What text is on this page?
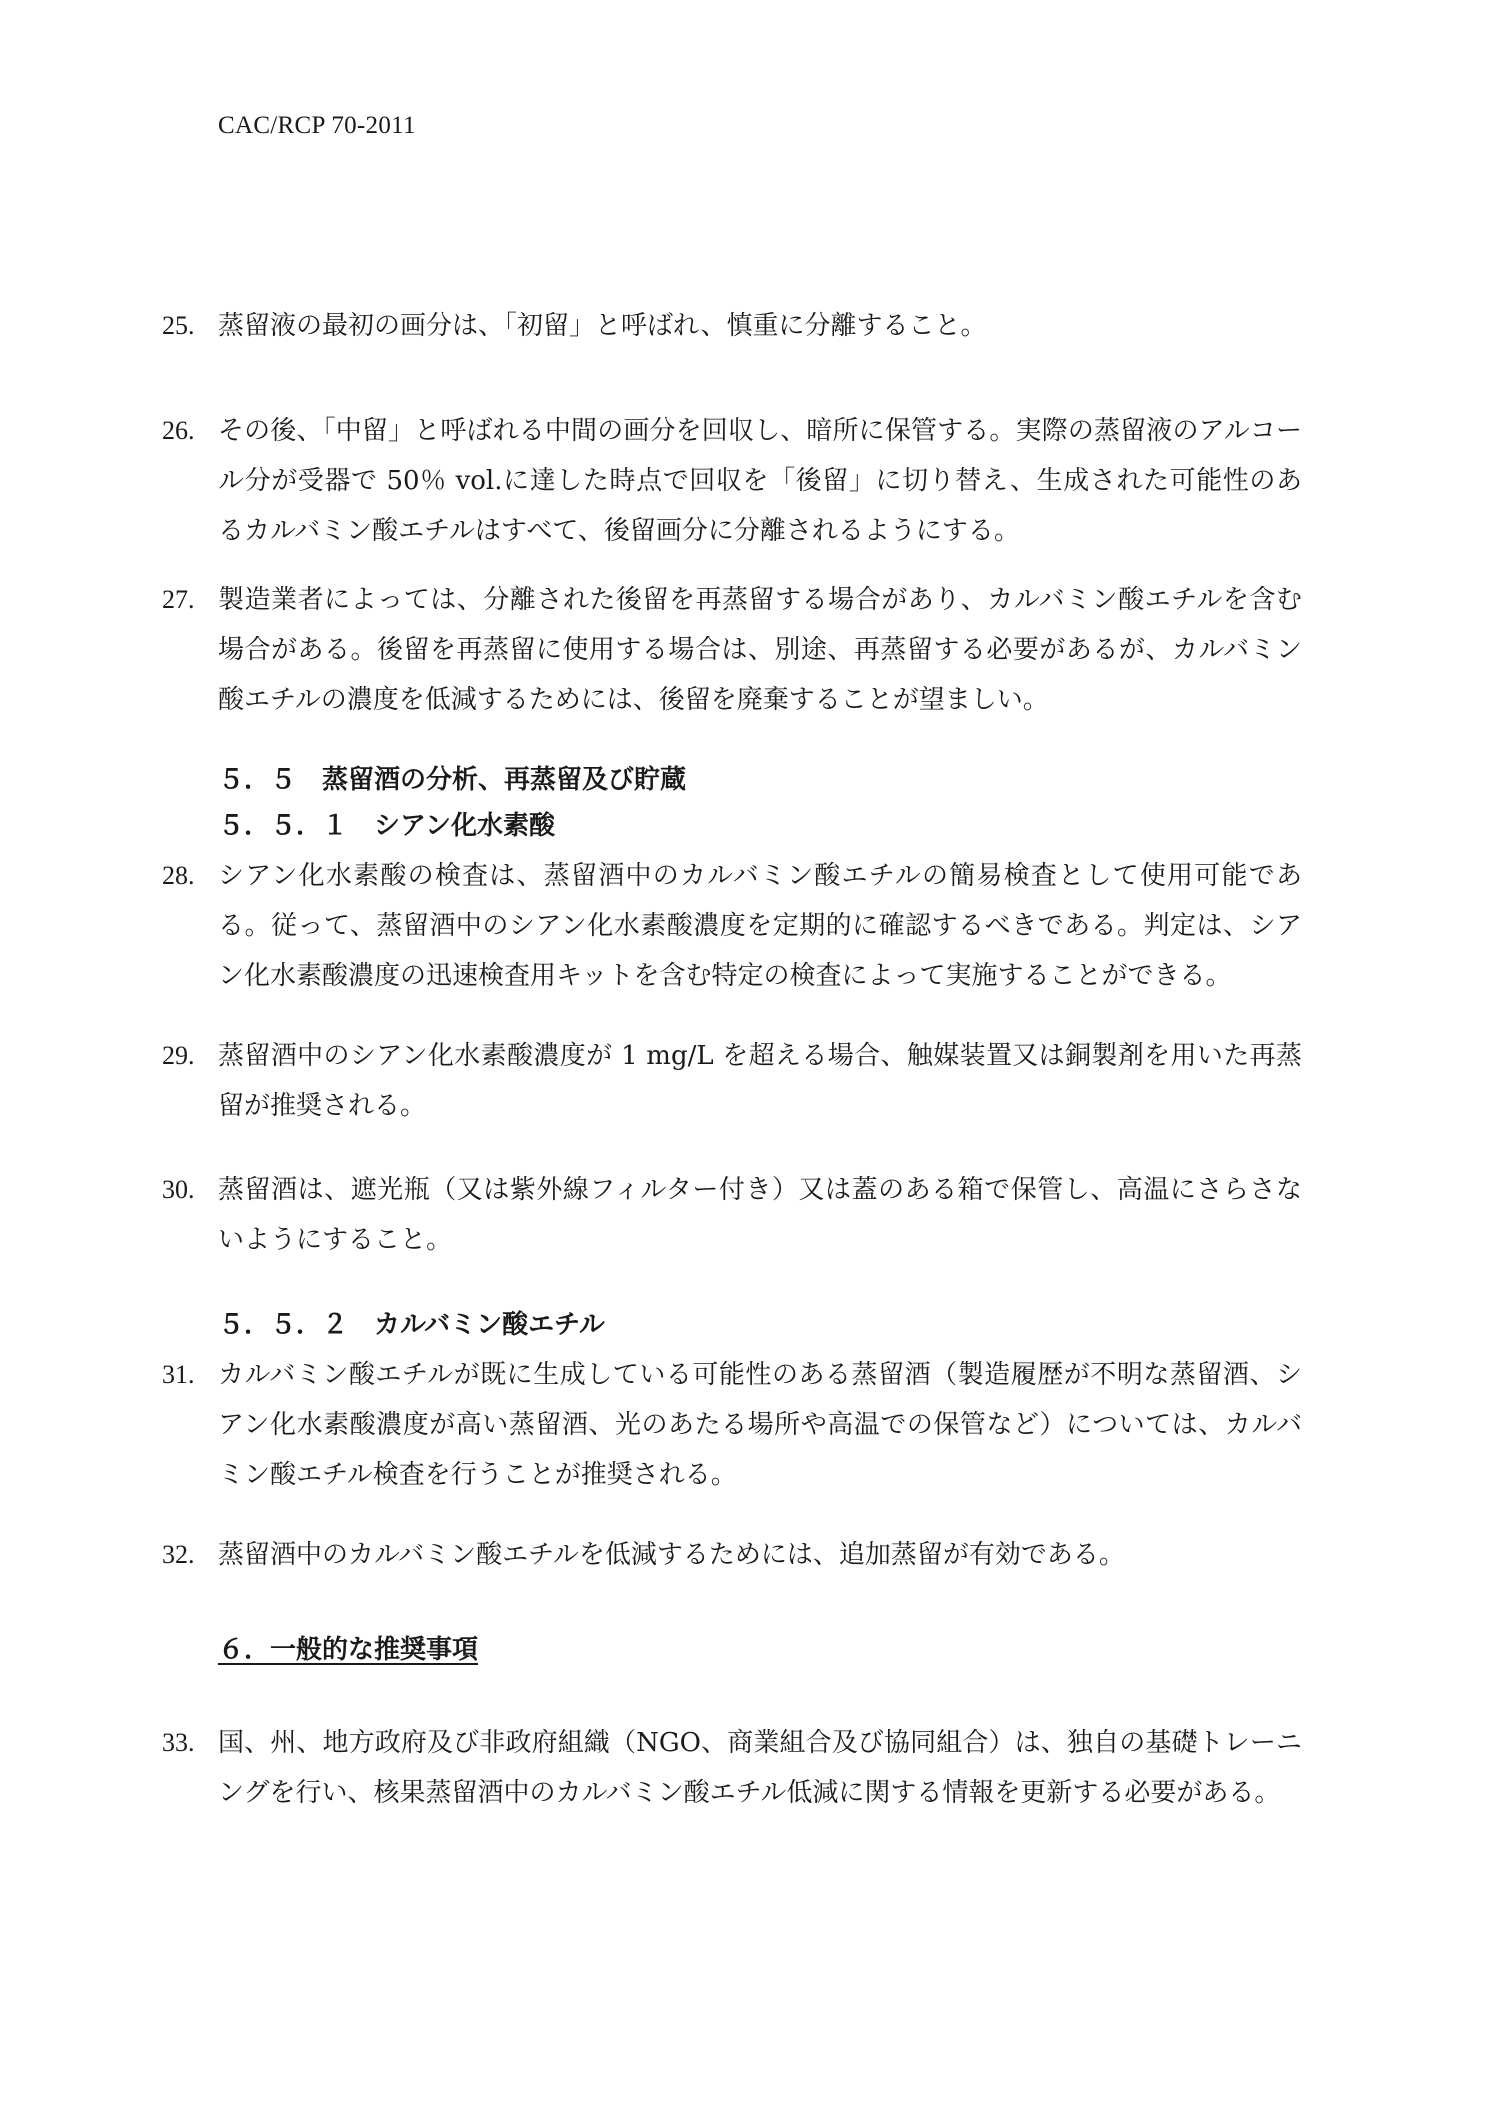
CAC/RCP 70-2011
25. 蒸留液の最初の画分は、「初留」と呼ばれ、慎重に分離すること。
26. その後、「中留」と呼ばれる中間の画分を回収し、暗所に保管する。実際の蒸留液のアルコール分が受器で 50％ vol.に達した時点で回収を「後留」に切り替え、生成された可能性のあるカルバミン酸エチルはすべて、後留画分に分離されるようにする。
27. 製造業者によっては、分離された後留を再蒸留する場合があり、カルバミン酸エチルを含む場合がある。後留を再蒸留に使用する場合は、別途、再蒸留する必要があるが、カルバミン酸エチルの濃度を低減するためには、後留を廃棄することが望ましい。
５．５　蒸留酒の分析、再蒸留及び貯蔵
５．５．１　シアン化水素酸
28. シアン化水素酸の検査は、蒸留酒中のカルバミン酸エチルの簡易検査として使用可能である。従って、蒸留酒中のシアン化水素酸濃度を定期的に確認するべきである。判定は、シアン化水素酸濃度の迅速検査用キットを含む特定の検査によって実施することができる。
29. 蒸留酒中のシアン化水素酸濃度が 1 mg/L を超える場合、触媒装置又は銅製剤を用いた再蒸留が推奨される。
30. 蒸留酒は、遮光瓶（又は紫外線フィルター付き）又は蓋のある箱で保管し、高温にさらさないようにすること。
５．５．２　カルバミン酸エチル
31. カルバミン酸エチルが既に生成している可能性のある蒸留酒（製造履歴が不明な蒸留酒、シアン化水素酸濃度が高い蒸留酒、光のあたる場所や高温での保管など）については、カルバミン酸エチル検査を行うことが推奨される。
32. 蒸留酒中のカルバミン酸エチルを低減するためには、追加蒸留が有効である。
６．一般的な推奨事項
33. 国、州、地方政府及び非政府組織（NGO、商業組合及び協同組合）は、独自の基礎トレーニングを行い、核果蒸留酒中のカルバミン酸エチル低減に関する情報を更新する必要がある。
